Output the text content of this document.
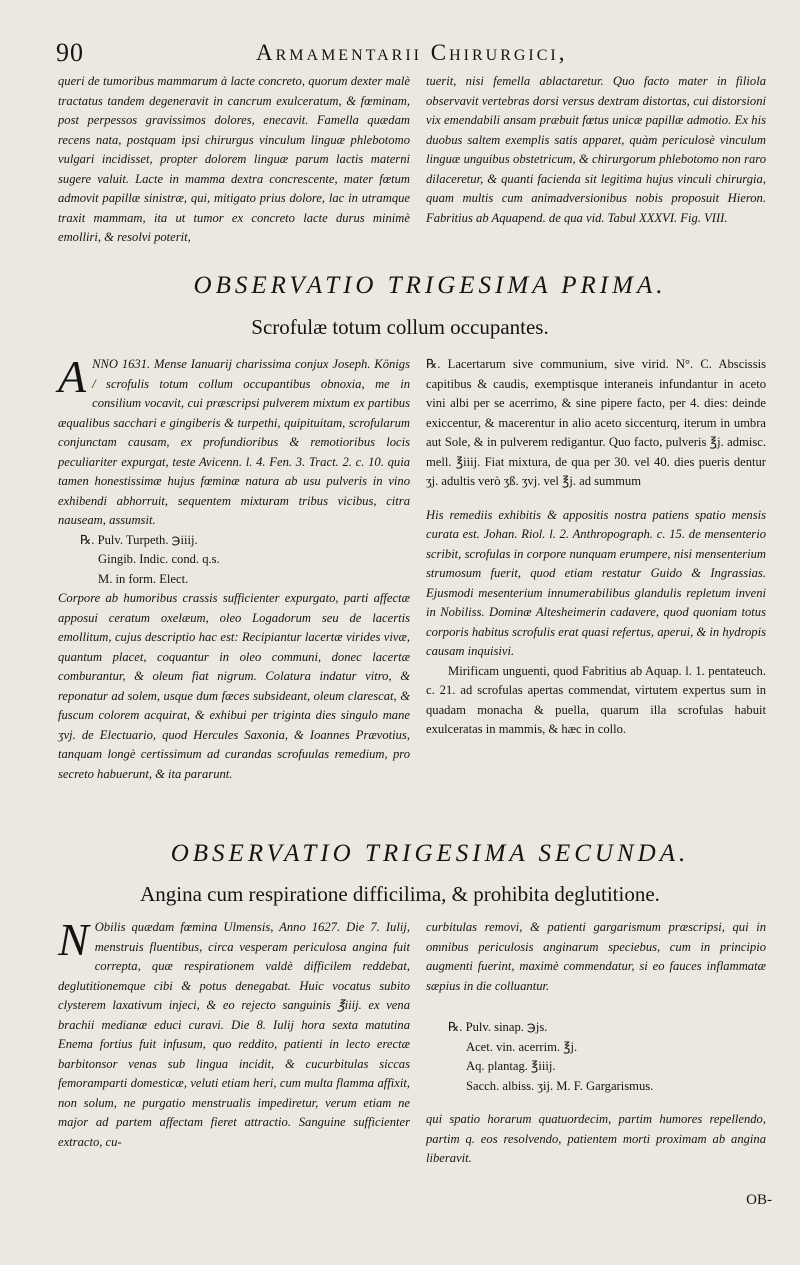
90	Armamentarii Chirurgici,

queri de tumoribus mammarum à lacte concreto, quorum dexter malè tractatus tandem degeneravit in cancrum exulceratum, & fœminam, post perpessos gravissimos dolores, enecavit. Famella quædam recens nata, postquam ipsi chirurgus vinculum linguæ phlebotomo vulgari incidisset, propter dolorem linguæ parum lactis materni sugere valuit. Lacte in mamma dextra concrescente, mater fœtum admovit papillæ sinistræ, qui, mitigato prius dolore, lac in utramque traxit mammam, ita ut tumor ex concreto lacte durus minimè emolliri, & resolvi poterit,

tuerit, nisi femella ablactaretur. Quo facto mater in filiola observavit vertebras dorsi versus dextram distortas, cui distorsioni vix emendabili ansam præbuit fœtus unicæ papillæ admotio. Ex his duobus saltem exemplis satis apparet, quàm periculosè vinculum linguæ unguibus obstetricum, & chirurgorum phlebotomo non raro dilaceretur, & quanti facienda sit legitima hujus vinculi chirurgia, quam multis cum animadversionibus nobis proposuit Hieron. Fabritius ab Aquapend. de qua vid. Tabul XXXVI. Fig. VIII.

OBSERVATIO TRIGESIMA PRIMA.
Scrofulæ totum collum occupantes.

A NNO 1631. Mense Ianuarij charissima conjux Joseph. Königs / scrofulis totum collum occupantibus obnoxia, me in consilium vocavit, cui præscripsi pulverem mixtum ex partibus æqualibus sacchari e gingiberis & turpethi, quipituitam, scrofularum conjunctam causam, ex profundioribus & remotioribus locis peculiariter expurgat, teste Avicenn. l. 4. Fen. 3. Tract. 2. c. 10. quia tamen honestissimæ hujus fœminæ natura ab usu pulveris in vino exhibendi abhorruit, sequentem mixturam tribus vicibus, citra nauseam, assumsit.

℞. Pulv. Turpeth. ℈iiij.

Gingib. Indic. cond. q.s.

M. in form. Elect.

Corpore ab humoribus crassis sufficienter expurgato, parti affectæ apposui ceratum oxelæum, oleo Logadorum seu de lacertis emollitum, cujus descriptio hac est: Recipiantur lacertæ virides vivæ, quantum placet, coquantur in oleo communi, donec lacertæ comburantur, & oleum fiat nigrum. Colatura indatur vitro, & reponatur ad solem, usque dum fæces subsideant, oleum clarescat, & fuscum colorem acquirat, & exhibui per triginta dies singulo mane ʒvj. de Electuario, quod Hercules Saxonia, & Ioannes Prævotius, tanquam longè certissimum ad curandas scrofuulas remedium, pro secreto habuerunt, & ita pararunt.

℞. Lacertarum sive communium, sive virid. N°. C. Abscissis capitibus & caudis, exemptisque interaneis infundantur in aceto vini albi per se acerrimo, & sine pipere facto, per 4. dies: deinde exiccentur, & macerentur in alio aceto siccenturq, iterum in umbra aut Sole, & in pulverem redigantur. Quo facto, pulveris ℥j. admisc. mell. ℥iiij. Fiat mixtura, de qua per 30. vel 40. dies pueris dentur ʒj. adultis verò ʒß. ʒvj. vel ℥j. ad summum

His remediis exhibitis & appositis nostra patiens spatio mensis curata est. Johan. Riol. l. 2. Anthropograph. c. 15. de mensenterio scribit, scrofulas in corpore nunquam erumpere, nisi mensenterium strumosum fuerit, quod etiam restatur Guido & Ingrassias. Ejusmodi mesenterium innumerabilibus glandulis repletum inveni in Nobiliss. Dominæ Altesheimerin cadavere, quod quoniam totus corporis habitus scrofulis erat quasi refertus, aperui, & in hydropis causam inquisivi.

Mirificam unguenti, quod Fabritius ab Aquap. l. 1. pentateuch. c. 21. ad scrofulas apertas commendat, virtutem expertus sum in quadam monacha & puella, quarum illa scrofulas habuit exulceratas in mammis, & hæc in collo.

OBSERVATIO TRIGESIMA SECUNDA.
Angina cum respiratione difficilima, & prohibita deglutitione.

N Obilis quædam fœmina Ulmensis, Anno 1627. Die 7. Iulij, menstruis fluentibus, circa vesperam periculosa angina fuit correpta, quæ respirationem valdè difficilem reddebat, deglutitionemque cibi & potus denegabat. Huic vocatus subito clysterem laxativum injeci, & eo rejecto sanguinis ℥iiij. ex vena brachii medianæ educi curavi. Die 8. Iulij hora sexta matutina Enema fortius fuit infusum, quo reddito, patienti in lecto erectæ barbitonsor venas sub lingua incidit, & cucurbitulas siccas femoramparti domesticæ, veluti etiam heri, cum multa flamma affixit, non solum, ne purgatio menstrualis impediretur, verum etiam ne major ad partem affectam fieret attractio. Sanguine sufficienter extracto, cu-

curbitulas removi, & patienti gargarismum præscripsi, qui in omnibus periculosis anginarum speciebus, cum in principio augmenti fuerint, maximè commendatur, si eo fauces inflammatæ sæpius in die colluantur.

℞. Pulv. sinap. ℈js.

Acet. vin. acerrim. ℥j.

Aq. plantag. ℥iiij.

Sacch. albiss. ʒij. M. F. Gargarismus.

qui spatio horarum quatuordecim, partim humores repellendo, partim q. eos resolvendo, patientem morti proximam ab angina liberavit.

OB-
